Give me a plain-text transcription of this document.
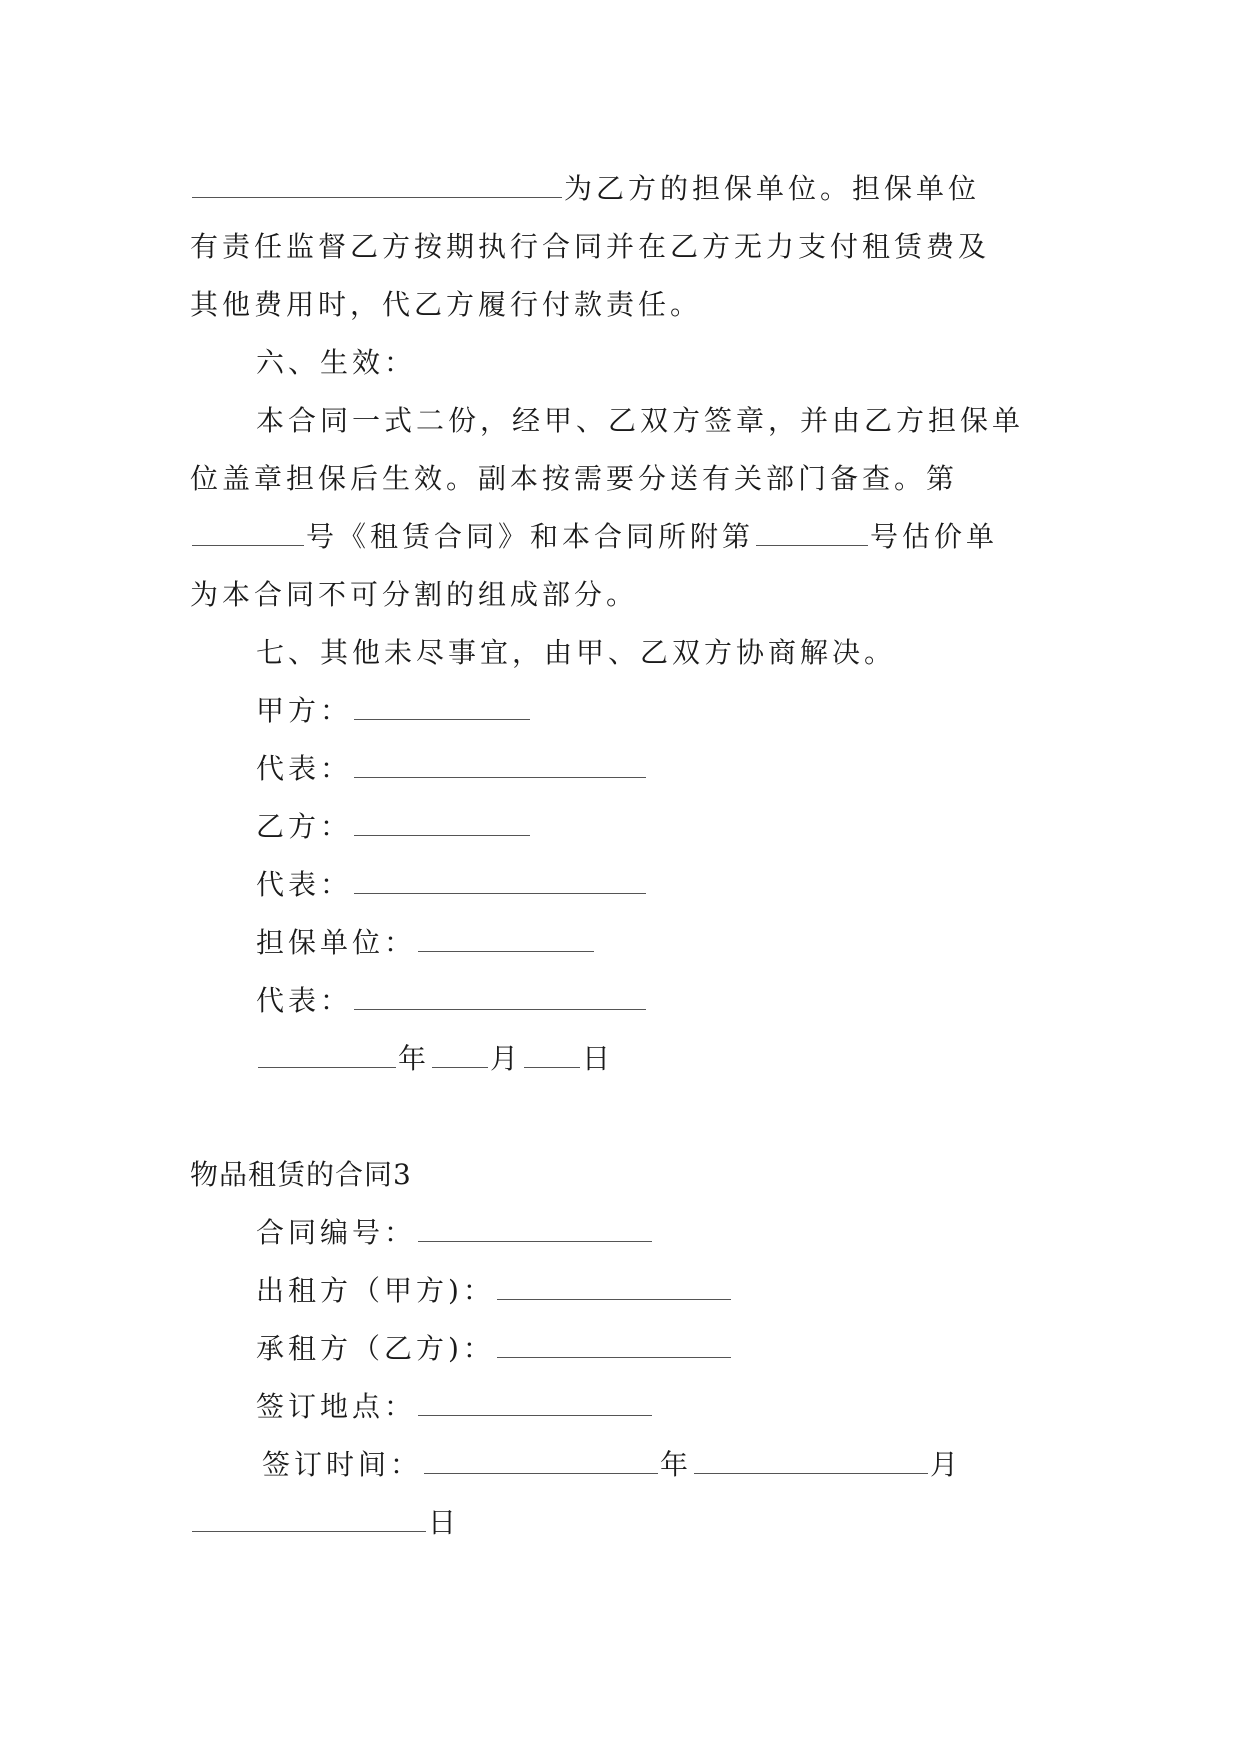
为乙方的担保单位。担保单位
有责任监督乙方按期执行合同并在乙方无力支付租赁费及
其他费用时，代乙方履行付款责任。
六、生效：
本合同一式二份，经甲、乙双方签章，并由乙方担保单
位盖章担保后生效。副本按需要分送有关部门备查。第
号《租赁合同》和本合同所附第	号估价单
为本合同不可分割的组成部分。
七、其他未尽事宜，由甲、乙双方协商解决。
甲方：
代表：
乙方：
代表：
担保单位：
代表：
年 月 日
物品租赁的合同3
合同编号：
出租方（甲方)：
承租方（乙方)：
签订地点：
签订时间：	年	月
日
